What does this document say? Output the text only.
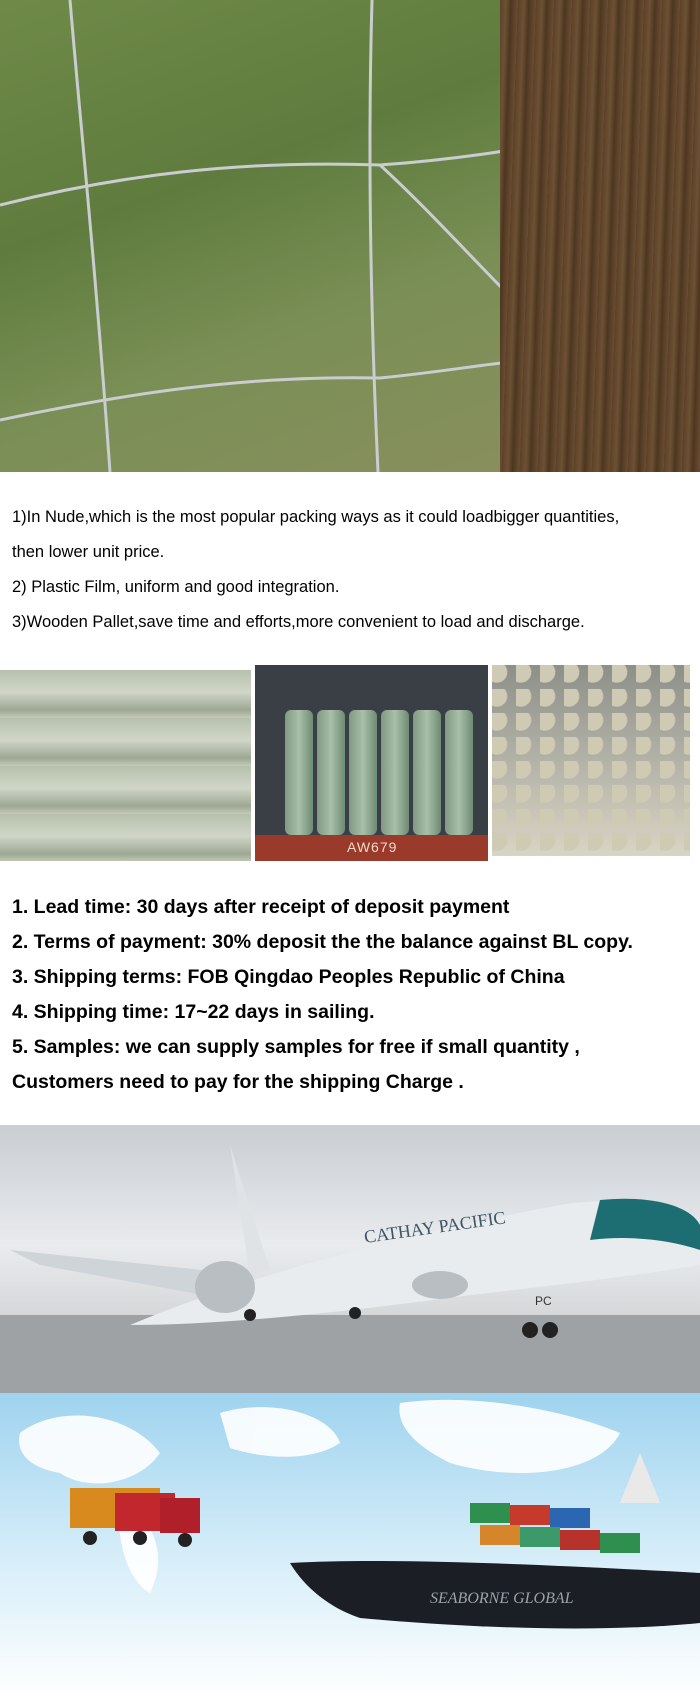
1)In Nude,which is the most popular packing ways as it could loadbigger quantities,

then lower unit price.

2) Plastic Film, uniform and good integration.

3)Wooden Pallet,save time and efforts,more convenient to load and discharge.

AW679

1. Lead time: 30 days after receipt of deposit payment

2. Terms of payment: 30% deposit the the balance against BL copy.

3. Shipping terms: FOB Qingdao Peoples Republic of China

4. Shipping time: 17~22 days in sailing.

5. Samples: we can supply samples for free if small quantity ,

Customers need to pay for the shipping Charge .

CATHAY PACIFIC
PC
SEABORNE GLOBAL
